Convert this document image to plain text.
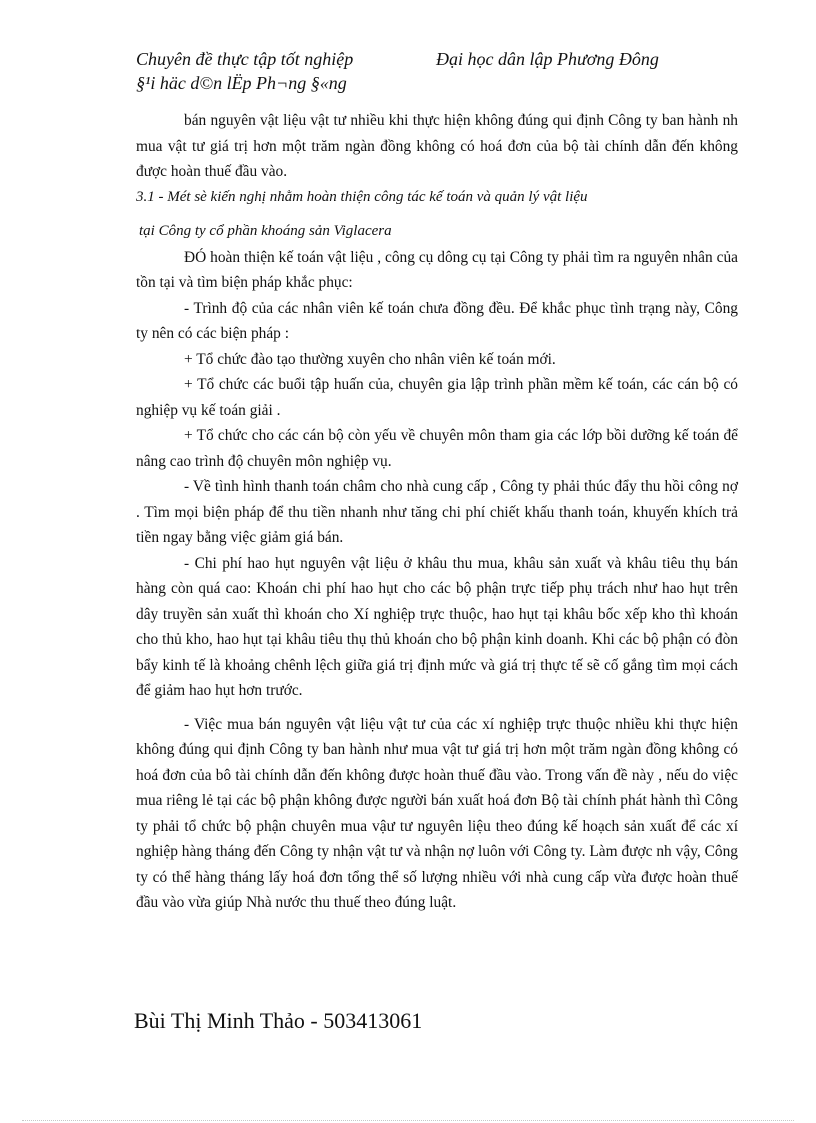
Chuyên đề thực tập tốt nghiệp	Đại học dân lập Phương Đông
§¹i häc d©n lËp Ph¬ng §«ng

bán nguyên vật liệu vật tư nhiều khi thực hiện không đúng qui định Công ty ban hành nh mua vật tư giá trị hơn một trăm ngàn đồng không có hoá đơn của bộ tài chính dẫn đến không được hoàn thuế đầu vào.

3.1 - Mét sè kiến nghị nhằm hoàn thiện công tác kế toán và quản lý vật liệu
tại Công ty cổ phần khoáng sản Viglacera

ĐÓ hoàn thiện kế toán vật liệu , công cụ dông cụ tại Công ty phải tìm ra nguyên nhân của tồn tại và tìm biện pháp khắc phục:

- Trình độ của các nhân viên kế toán chưa đồng đều. Để khắc phục tình trạng này, Công ty nên có các biện pháp :

+ Tổ chức đào tạo thường xuyên cho nhân viên kế toán mới.

+ Tổ chức các buổi tập huấn của, chuyên gia lập trình phần mềm kế toán, các cán bộ có nghiệp vụ kế toán giải .

+ Tổ chức cho các cán bộ còn yếu về chuyên môn tham gia các lớp bồi dưỡng kế toán để nâng cao trình độ chuyên môn nghiệp vụ.

- Về tình hình thanh toán châm cho nhà cung cấp , Công ty phải thúc đẩy thu hồi công nợ . Tìm mọi biện pháp để thu tiền nhanh như tăng chi phí chiết khấu thanh toán, khuyến khích trả tiền ngay bằng việc giảm giá bán.

- Chi phí hao hụt nguyên vật liệu ở khâu thu mua, khâu sản xuất và khâu tiêu thụ bán hàng còn quá cao: Khoán chi phí hao hụt cho các bộ phận trực tiếp phụ trách như hao hụt trên dây truyền sản xuất thì khoán cho Xí nghiệp trực thuộc, hao hụt tại khâu bốc xếp kho thì khoán cho thủ kho, hao hụt tại khâu tiêu thụ thủ khoán cho bộ phận kinh doanh. Khi các bộ phận có đòn bẩy kinh tế là khoảng chênh lệch giữa giá trị định mức và giá trị thực tế sẽ cố gắng tìm mọi cách để giảm hao hụt hơn trước.

- Việc mua bán nguyên vật liệu vật tư của các xí nghiệp trực thuộc nhiều khi thực hiện không đúng qui định Công ty ban hành như mua vật tư giá trị hơn một trăm ngàn đồng không có hoá đơn của bô tài chính dẫn đến không được hoàn thuế đầu vào. Trong vấn đề này , nếu do việc mua riêng lẻ tại các bộ phận không được người bán xuất hoá đơn Bộ tài chính phát hành thì Công ty phải tổ chức bộ phận chuyên mua vậư tư nguyên liệu theo đúng kế hoạch sản xuất để các xí nghiệp hàng tháng đến Công ty nhận vật tư và nhận nợ luôn với Công ty. Làm được nh vậy, Công ty có thể hàng tháng lấy hoá đơn tổng thể số lượng nhiều với nhà cung cấp vừa được hoàn thuế đầu vào vừa giúp Nhà nước thu thuế theo đúng luật.

Bùi Thị Minh Thảo - 503413061
